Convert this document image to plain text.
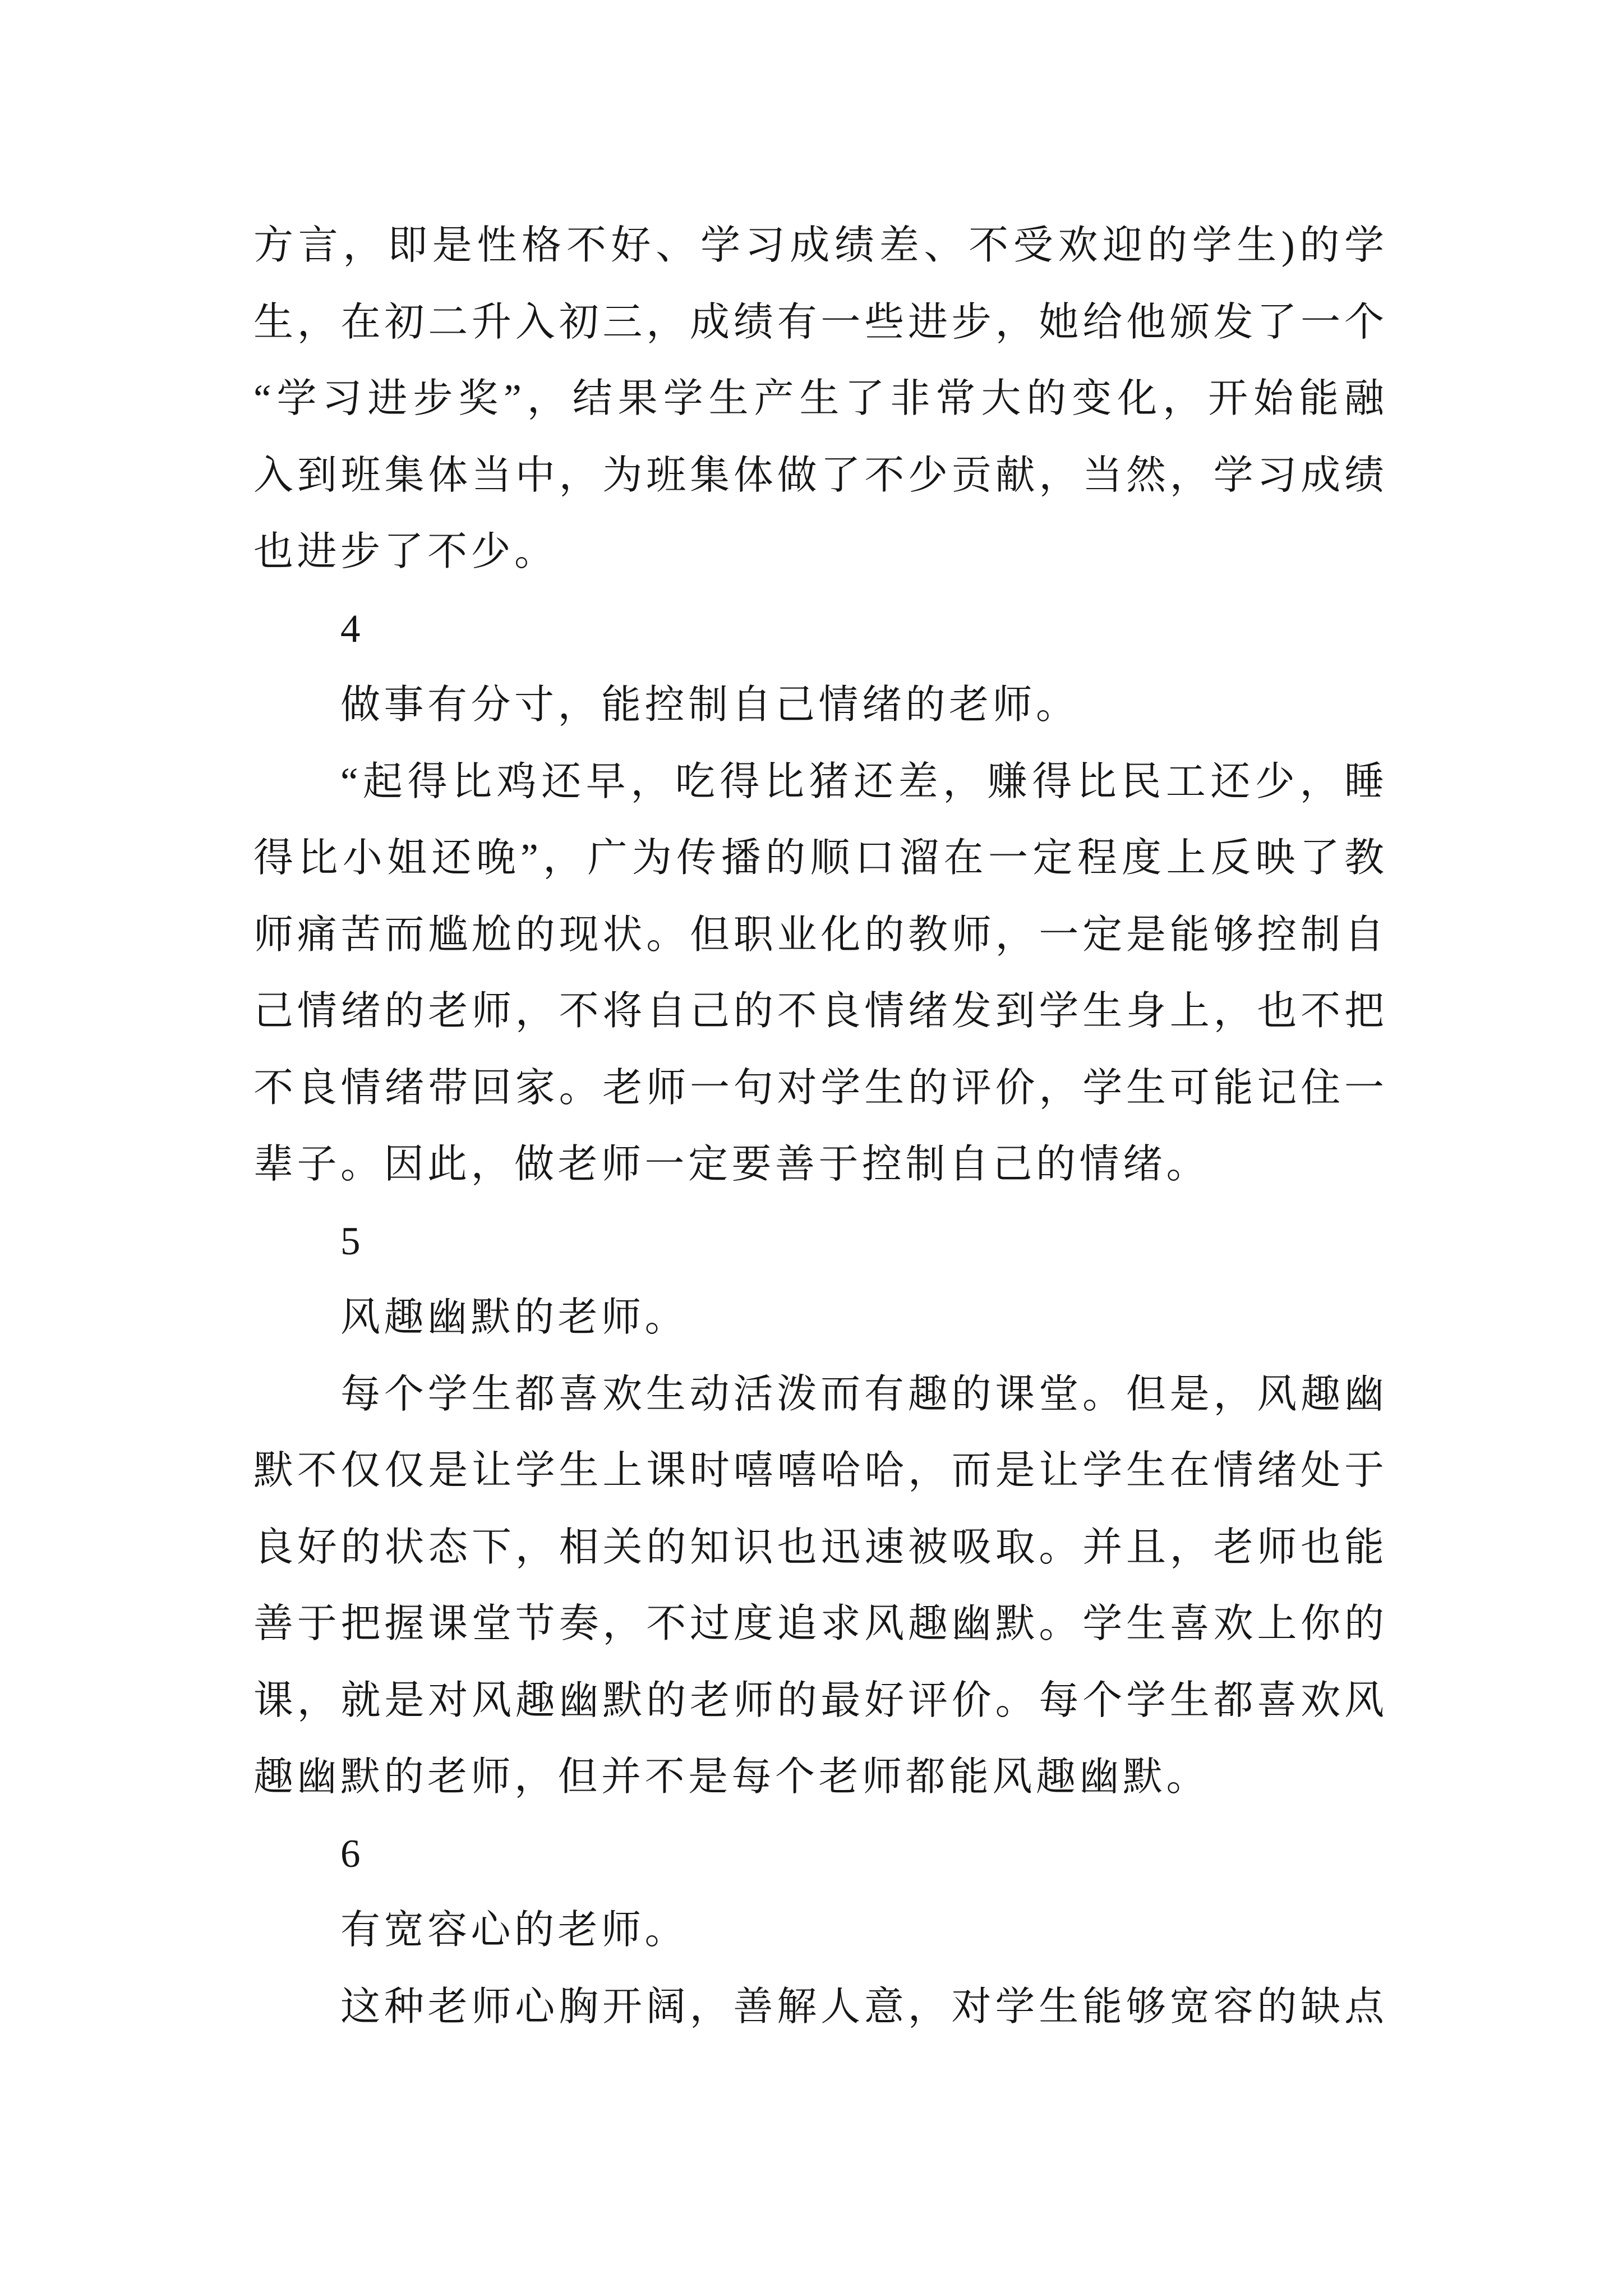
方言，即是性格不好、学习成绩差、不受欢迎的学生)的学
生，在初二升入初三，成绩有一些进步，她给他颁发了一个
“学习进步奖”，结果学生产生了非常大的变化，开始能融
入到班集体当中，为班集体做了不少贡献，当然，学习成绩
也进步了不少。
4
做事有分寸，能控制自己情绪的老师。
“起得比鸡还早，吃得比猪还差，赚得比民工还少，睡
得比小姐还晚”，广为传播的顺口溜在一定程度上反映了教
师痛苦而尴尬的现状。但职业化的教师，一定是能够控制自
己情绪的老师，不将自己的不良情绪发到学生身上，也不把
不良情绪带回家。老师一句对学生的评价，学生可能记住一
辈子。因此，做老师一定要善于控制自己的情绪。
5
风趣幽默的老师。
每个学生都喜欢生动活泼而有趣的课堂。但是，风趣幽
默不仅仅是让学生上课时嘻嘻哈哈，而是让学生在情绪处于
良好的状态下，相关的知识也迅速被吸取。并且，老师也能
善于把握课堂节奏，不过度追求风趣幽默。学生喜欢上你的
课，就是对风趣幽默的老师的最好评价。每个学生都喜欢风
趣幽默的老师，但并不是每个老师都能风趣幽默。
6
有宽容心的老师。
这种老师心胸开阔，善解人意，对学生能够宽容的缺点
